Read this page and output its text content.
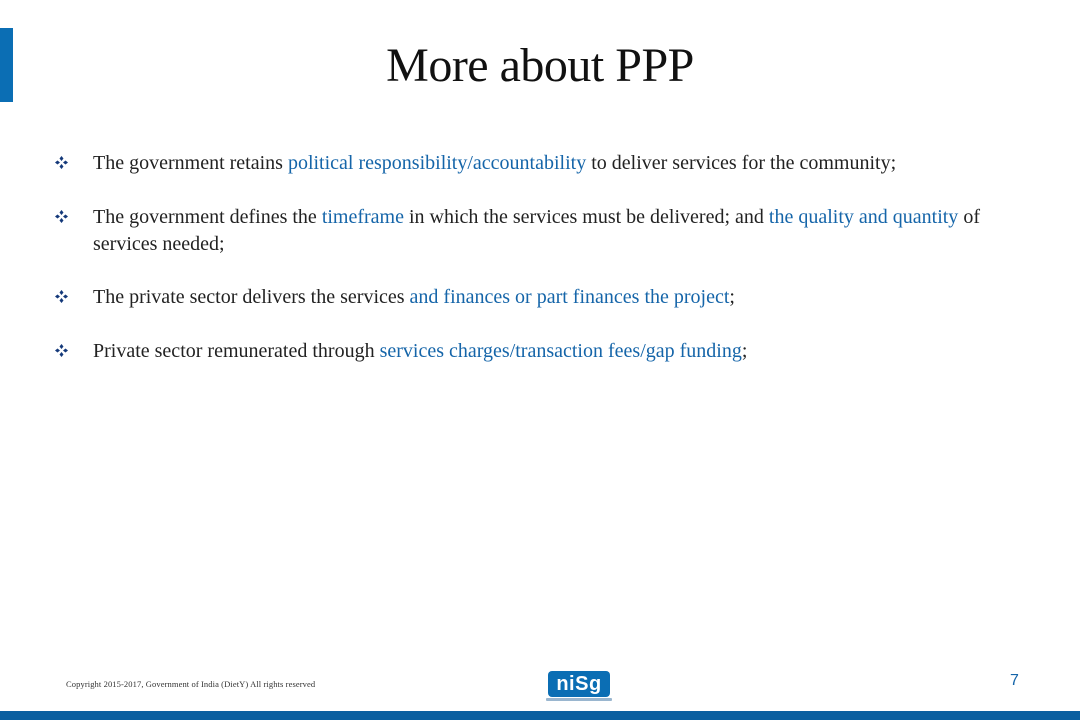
More about PPP
The government retains political responsibility/accountability to deliver services for the community;
The government defines the timeframe in which the services must be delivered; and the quality and quantity of services needed;
The private sector delivers the services and finances or part finances the project;
Private sector remunerated through services charges/transaction fees/gap funding;
Copyright 2015-2017, Government of India (DietY) All rights reserved	niSg	7
